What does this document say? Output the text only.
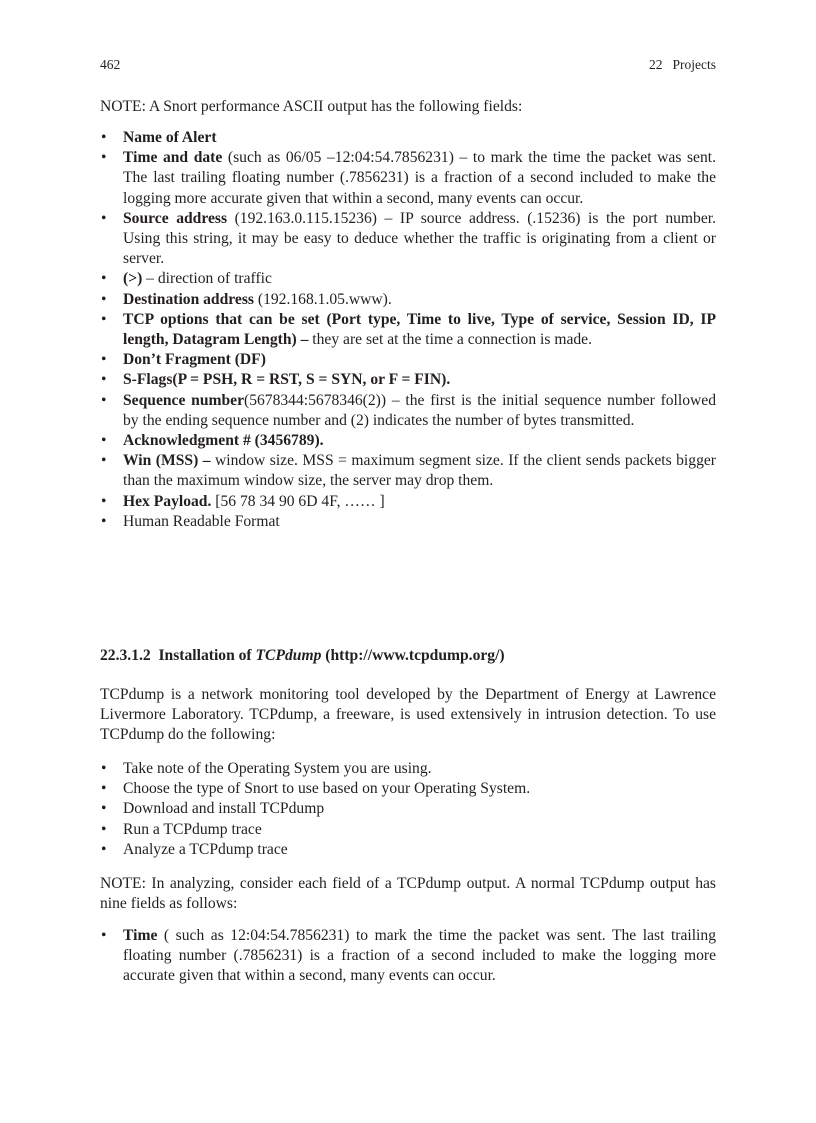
462	22 Projects
NOTE: A Snort performance ASCII output has the following fields:
• Name of Alert
• Time and date (such as 06/05 –12:04:54.7856231) – to mark the time the packet was sent. The last trailing floating number (.7856231) is a fraction of a second included to make the logging more accurate given that within a second, many events can occur.
• Source address (192.163.0.115.15236) – IP source address. (.15236) is the port number. Using this string, it may be easy to deduce whether the traffic is originating from a client or server.
• (>) – direction of traffic
• Destination address (192.168.1.05.www).
• TCP options that can be set (Port type, Time to live, Type of service, Session ID, IP length, Datagram Length) – they are set at the time a connection is made.
• Don’t Fragment (DF)
• S-Flags(P = PSH, R = RST, S = SYN, or F = FIN).
• Sequence number(5678344:5678346(2)) – the first is the initial sequence number followed by the ending sequence number and (2) indicates the number of bytes transmitted.
• Acknowledgment # (3456789).
• Win (MSS) – window size. MSS = maximum segment size. If the client sends packets bigger than the maximum window size, the server may drop them.
• Hex Payload. [56 78 34 90 6D 4F, …… ]
• Human Readable Format
22.3.1.2 Installation of TCPdump (http://www.tcpdump.org/)
TCPdump is a network monitoring tool developed by the Department of Energy at Lawrence Livermore Laboratory. TCPdump, a freeware, is used extensively in intrusion detection. To use TCPdump do the following:
• Take note of the Operating System you are using.
• Choose the type of Snort to use based on your Operating System.
• Download and install TCPdump
• Run a TCPdump trace
• Analyze a TCPdump trace
NOTE: In analyzing, consider each field of a TCPdump output. A normal TCPdump output has nine fields as follows:
• Time ( such as 12:04:54.7856231) to mark the time the packet was sent. The last trailing floating number (.7856231) is a fraction of a second included to make the logging more accurate given that within a second, many events can occur.
